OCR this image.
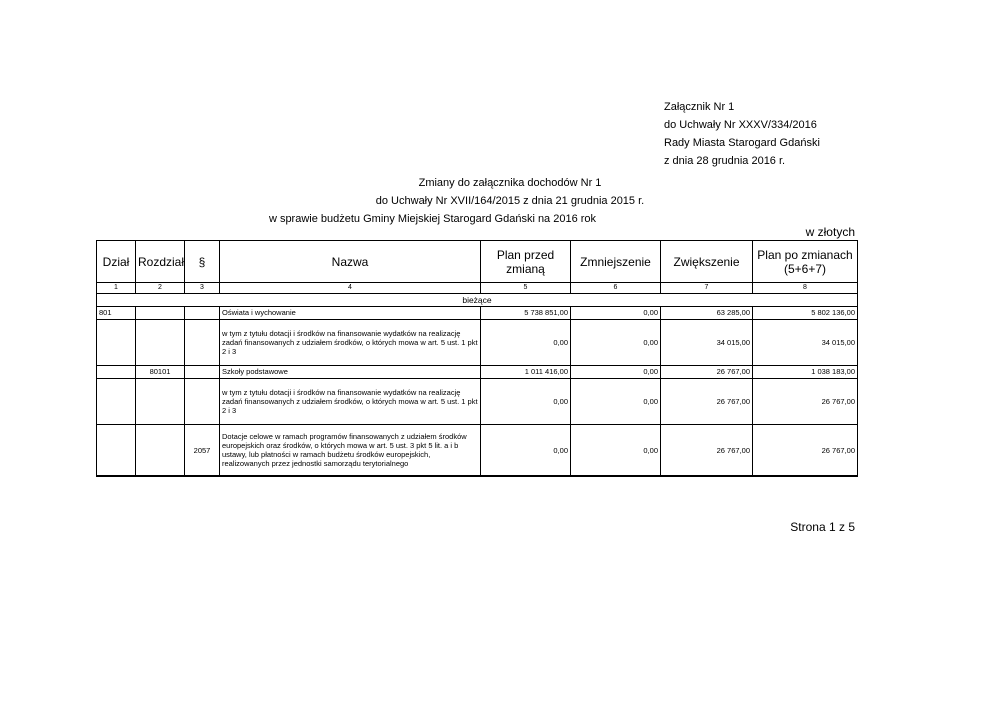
Załącznik Nr 1
do Uchwały Nr XXXV/334/2016
Rady Miasta Starogard Gdański
z dnia 28 grudnia 2016 r.
Zmiany do załącznika dochodów Nr 1
do Uchwały Nr XVII/164/2015 z dnia 21 grudnia 2015 r.
w sprawie budżetu Gminy Miejskiej Starogard Gdański na 2016 rok
w złotych
Dział	Rozdział	§	Nazwa	Plan przed zmianą	Zmniejszenie	Zwiększenie	Plan po zmianach (5+6+7)
1	2	3	4	5	6	7	8
bieżące							
801			Oświata i wychowanie	5 738 851,00	0,00	63 285,00	5 802 136,00
			w tym z tytułu dotacji i środków na finansowanie wydatków na realizację zadań finansowanych z udziałem środków, o których mowa w art. 5 ust. 1 pkt 2 i 3	0,00	0,00	34 015,00	34 015,00
	80101		Szkoły podstawowe	1 011 416,00	0,00	26 767,00	1 038 183,00
			w tym z tytułu dotacji i środków na finansowanie wydatków na realizację zadań finansowanych z udziałem środków, o których mowa w art. 5 ust. 1 pkt 2 i 3	0,00	0,00	26 767,00	26 767,00
		2057	Dotacje celowe w ramach programów finansowanych z udziałem środków europejskich oraz środków, o których mowa w art. 5 ust. 3 pkt 5 lit. a i b ustawy, lub płatności w ramach budżetu środków europejskich, realizowanych przez jednostki samorządu terytorialnego	0,00	0,00	26 767,00	26 767,00
Strona 1 z 5
